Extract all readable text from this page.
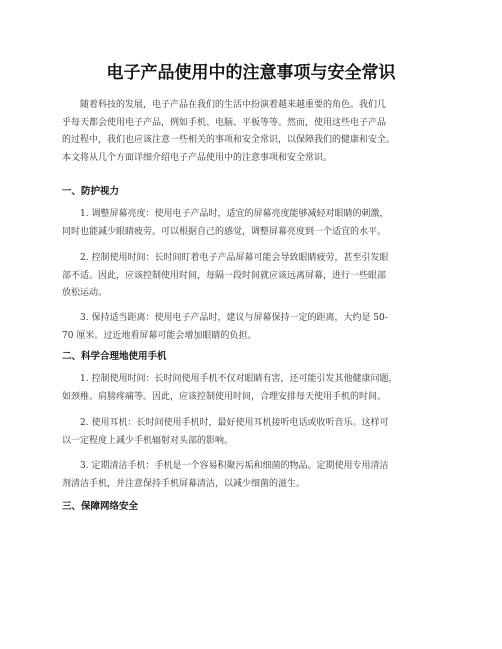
电子产品使用中的注意事项与安全常识

随着科技的发展，电子产品在我们的生活中扮演着越来越重要的角色。我们几
乎每天都会使用电子产品，例如手机、电脑、平板等等。然而，使用这些电子产品
的过程中，我们也应该注意一些相关的事项和安全常识，以保障我们的健康和安全。
本文将从几个方面详细介绍电子产品使用中的注意事项和安全常识。

一、防护视力

1. 调整屏幕亮度：使用电子产品时，适宜的屏幕亮度能够减轻对眼睛的刺激，
同时也能减少眼睛疲劳。可以根据自己的感觉，调整屏幕亮度到一个适宜的水平。

2. 控制使用时间：长时间盯着电子产品屏幕可能会导致眼睛疲劳，甚至引发眼
部不适。因此，应该控制使用时间，每隔一段时间就应该远离屏幕，进行一些眼部
放松运动。

3. 保持适当距离：使用电子产品时，建议与屏幕保持一定的距离，大约是 50-
70 厘米。过近地看屏幕可能会增加眼睛的负担。

二、科学合理地使用手机

1. 控制使用时间：长时间使用手机不仅对眼睛有害，还可能引发其他健康问题，
如颈椎、肩膀疼痛等。因此，应该控制使用时间，合理安排每天使用手机的时间。

2. 使用耳机：长时间使用手机时，最好使用耳机接听电话或收听音乐。这样可
以一定程度上减少手机辐射对头部的影响。

3. 定期清洁手机：手机是一个容易积聚污垢和细菌的物品。定期使用专用清洁
剂清洁手机，并注意保持手机屏幕清洁，以减少细菌的滋生。

三、保障网络安全
